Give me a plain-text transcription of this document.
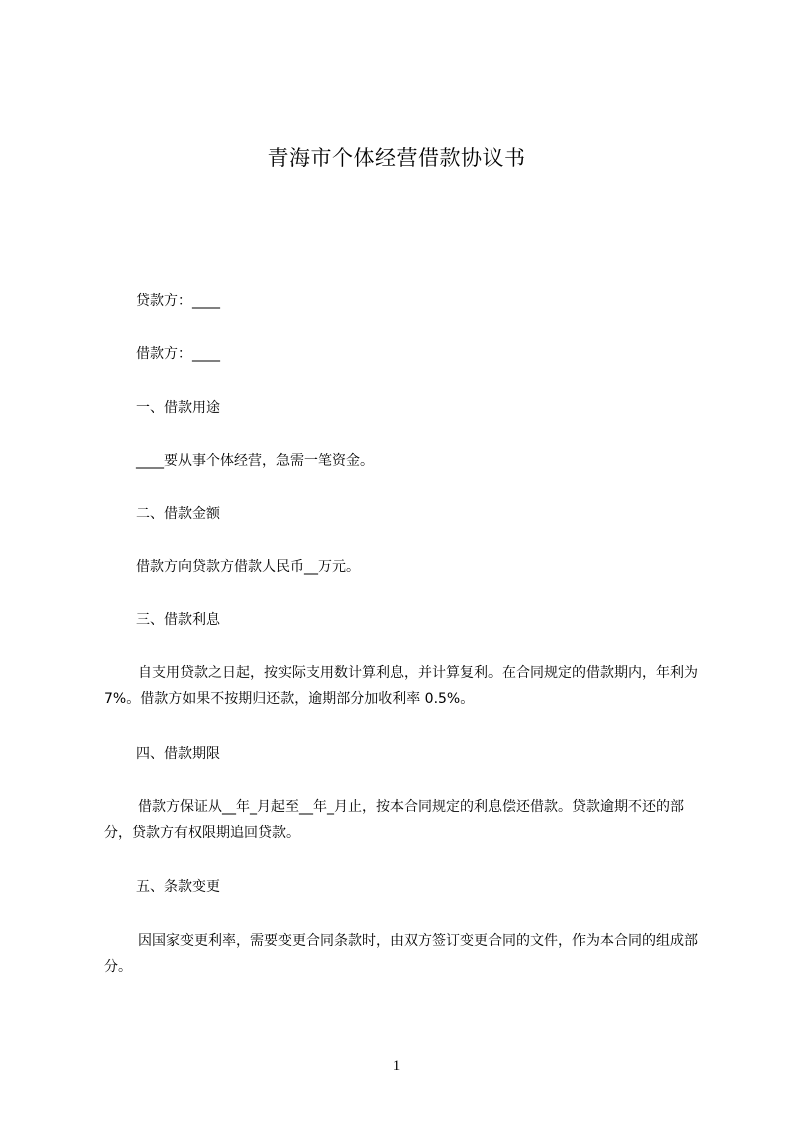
青海市个体经营借款协议书
贷款方：____
借款方：____
一、借款用途
____要从事个体经营，急需一笔资金。
二、借款金额
借款方向贷款方借款人民币__万元。
三、借款利息
自支用贷款之日起，按实际支用数计算利息，并计算复利。在合同规定的借款期内，年利为 7%。借款方如果不按期归还款，逾期部分加收利率 0.5%。
四、借款期限
借款方保证从__年_月起至__年_月止，按本合同规定的利息偿还借款。贷款逾期不还的部分，贷款方有权限期追回贷款。
五、条款变更
因国家变更利率，需要变更合同条款时，由双方签订变更合同的文件，作为本合同的组成部分。
1
